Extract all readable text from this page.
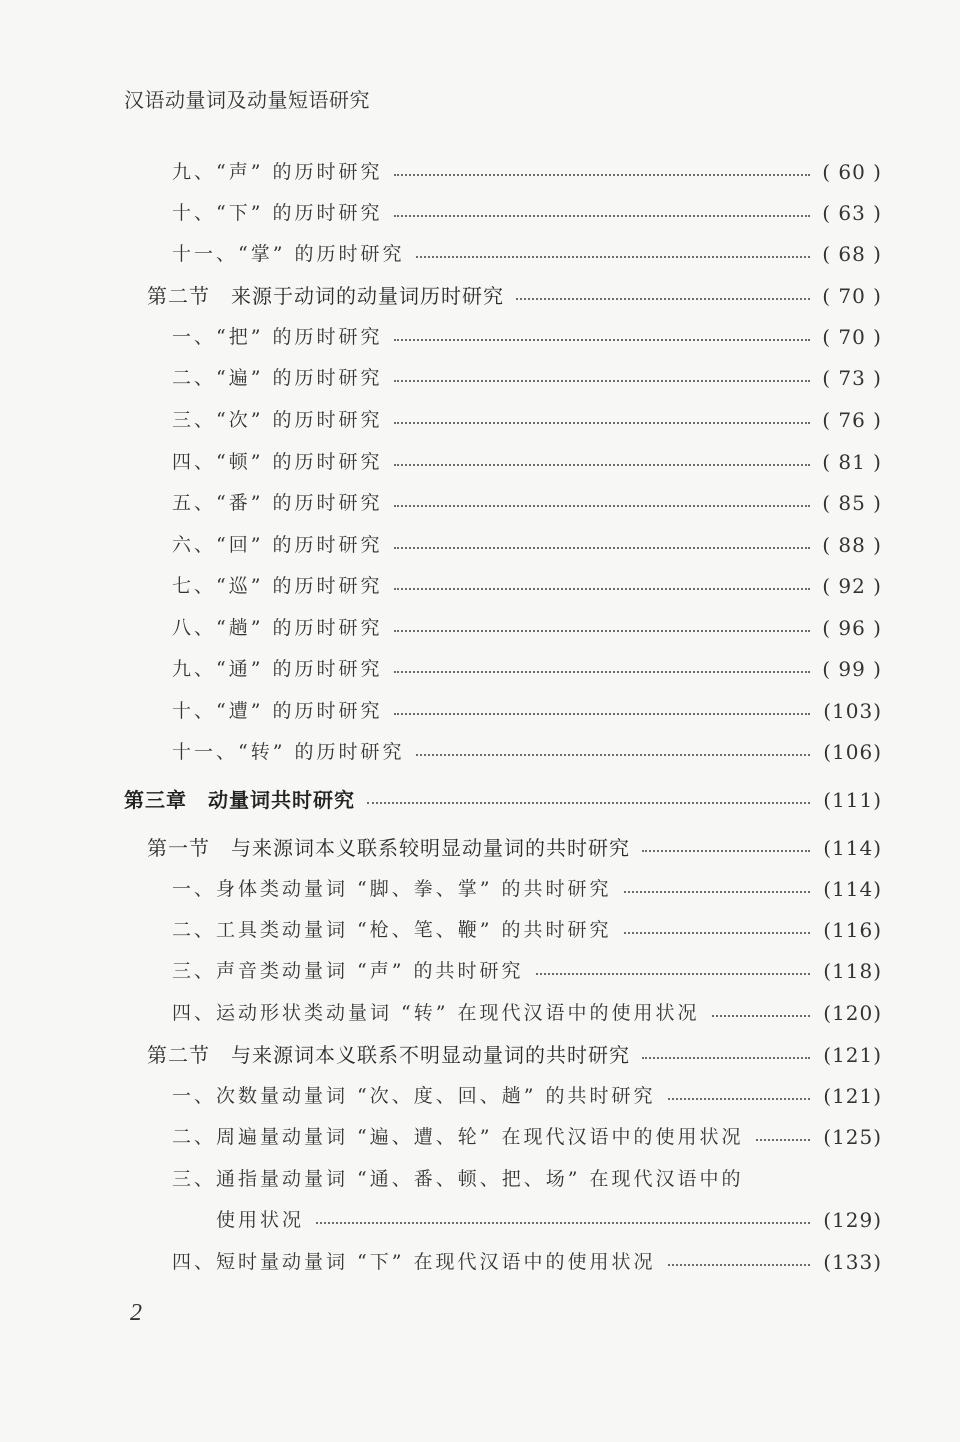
汉语动量词及动量短语研究
九、“声” 的历时研究	( 60 )
十、“下” 的历时研究	( 63 )
十一、“掌” 的历时研究	( 68 )
第二节　来源于动词的动量词历时研究	( 70 )
一、“把” 的历时研究	( 70 )
二、“遍” 的历时研究	( 73 )
三、“次” 的历时研究	( 76 )
四、“顿” 的历时研究	( 81 )
五、“番” 的历时研究	( 85 )
六、“回” 的历时研究	( 88 )
七、“巡” 的历时研究	( 92 )
八、“趟” 的历时研究	( 96 )
九、“通” 的历时研究	( 99 )
十、“遭” 的历时研究	(103)
十一、“转” 的历时研究	(106)
第三章　动量词共时研究	(111)
第一节　与来源词本义联系较明显动量词的共时研究	(114)
一、身体类动量词 “脚、拳、掌” 的共时研究	(114)
二、工具类动量词 “枪、笔、鞭” 的共时研究	(116)
三、声音类动量词 “声” 的共时研究	(118)
四、运动形状类动量词 “转” 在现代汉语中的使用状况	(120)
第二节　与来源词本义联系不明显动量词的共时研究	(121)
一、次数量动量词 “次、度、回、趟” 的共时研究	(121)
二、周遍量动量词 “遍、遭、轮” 在现代汉语中的使用状况	(125)
三、通指量动量词 “通、番、顿、把、场” 在现代汉语中的
使用状况	(129)
四、短时量动量词 “下” 在现代汉语中的使用状况	(133)
2
